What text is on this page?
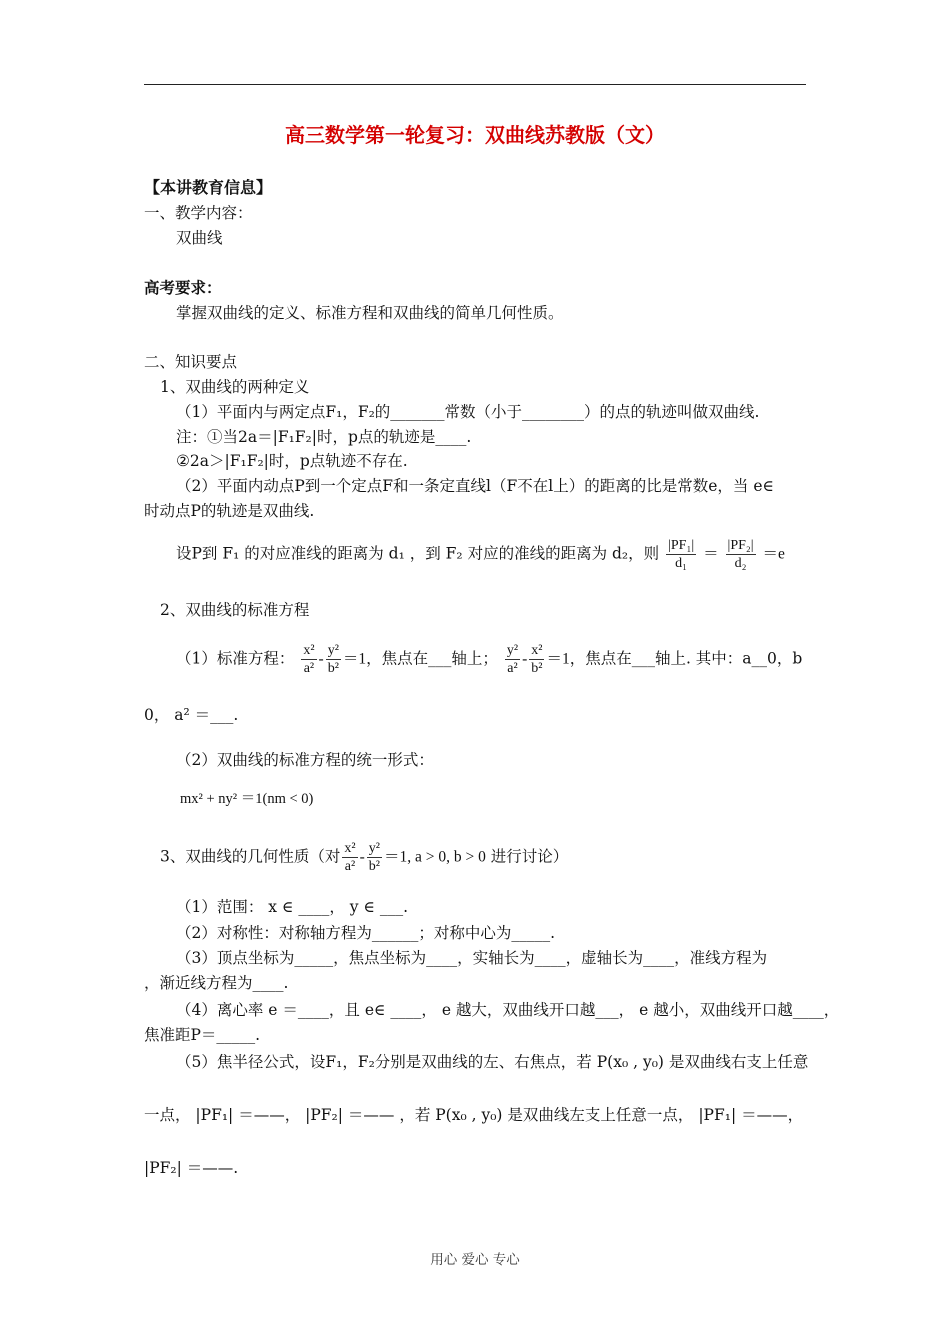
高三数学第一轮复习：双曲线苏教版（文）
【本讲教育信息】
一、教学内容：
双曲线
高考要求：
掌握双曲线的定义、标准方程和双曲线的简单几何性质。
二、知识要点
1、双曲线的两种定义
（1）平面内与两定点F₁，F₂的_______常数（小于________）的点的轨迹叫做双曲线.
注：①当2a＝|F₁F₂|时，p点的轨迹是____.
②2a＞|F₁F₂|时，p点轨迹不存在.
（2）平面内动点P到一个定点F和一条定直线l（F不在l上）的距离的比是常数e，当 e∈
时动点P的轨迹是双曲线.
设P到 F₁ 的对应准线的距离为 d₁ ，到 F₂ 对应的准线的距离为 d₂，则 $\frac{\text{|PF₁|}}{\text{d₁}} = \frac{\text{|PF₂|}}{\text{d₂}} =e$
2、双曲线的标准方程
（1）标准方程： $\frac{\text{x²}}{\text{a²}} - \frac{\text{y²}}{\text{b²}} =1$，焦点在___轴上； $\frac{\text{y²}}{\text{a²}} - \frac{\text{x²}}{\text{b²}} =1$，焦点在___轴上. 其中：a__0，b
0， a² ＝___.
（2）双曲线的标准方程的统一形式：
mx² + ny² ＝1(nm < 0)
3、双曲线的几何性质（对 $\frac{\text{x²}}{\text{a²}} - \frac{\text{y²}}{\text{b²}} =1$, a > 0, b > 0 进行讨论）
（1）范围： x ∈ ____， y ∈ ___.
（2）对称性：对称轴方程为______；对称中心为_____.
（3）顶点坐标为_____，焦点坐标为____，实轴长为____，虚轴长为____，准线方程为
，渐近线方程为____.
（4）离心率 e ＝____，且 e∈ ____， e 越大，双曲线开口越___， e 越小，双曲线开口越____，
焦准距P＝_____.
（5）焦半径公式，设F₁，F₂分别是双曲线的左、右焦点，若 P(x₀ , y₀) 是双曲线右支上任意
一点， |PF₁| ＝——， |PF₂| ＝—— ，若 P(x₀ , y₀) 是双曲线左支上任意一点， |PF₁| ＝——，
|PF₂| ＝——.
用心 爱心 专心
